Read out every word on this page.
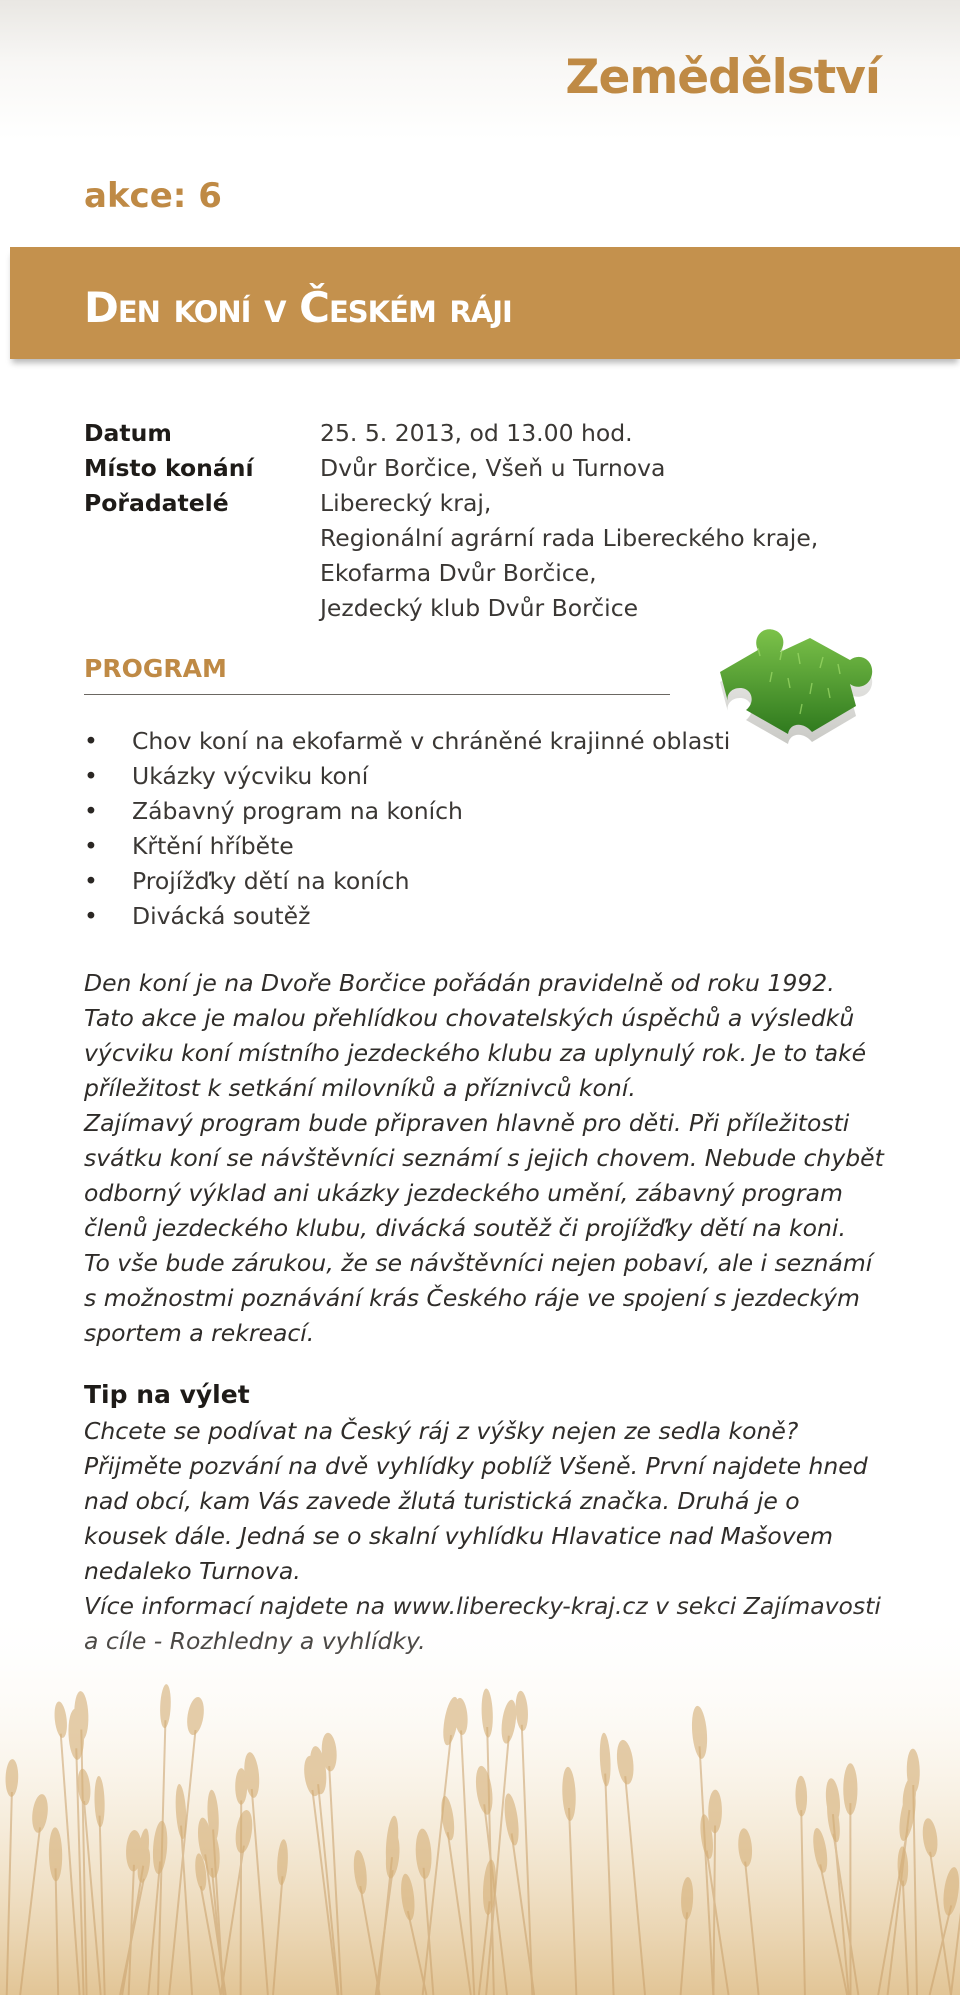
Zemědělství
akce: 6
Den koní v Českém ráji
Datum	25. 5. 2013, od 13.00 hod.
Místo konání	Dvůr Borčice, Všeň u Turnova
Pořadatelé	Liberecký kraj,
Regionální agrární rada Libereckého kraje,
Ekofarma Dvůr Borčice,
Jezdecký klub Dvůr Borčice
PROGRAM
• Chov koní na ekofarmě v chráněné krajinné oblasti
• Ukázky výcviku koní
• Zábavný program na koních
• Křtění hříběte
• Projížďky dětí na koních
• Divácká soutěž

Den koní je na Dvoře Borčice pořádán pravidelně od roku 1992. Tato akce je malou přehlídkou chovatelských úspěchů a výsledků výcviku koní místního jezdeckého klubu za uplynulý rok. Je to také příležitost k setkání milovníků a příznivců koní.

Zajímavý program bude připraven hlavně pro děti. Při příležitosti svátku koní se návštěvníci seznámí s jejich chovem. Nebude chybět odborný výklad ani ukázky jezdeckého umění, zábavný program členů jezdeckého klubu, divácká soutěž či projížďky dětí na koni.

To vše bude zárukou, že se návštěvníci nejen pobaví, ale i seznámí s možnostmi poznávání krás Českého ráje ve spojení s jezdeckým sportem a rekreací.

Tip na výlet

Chcete se podívat na Český ráj z výšky nejen ze sedla koně? Přijměte pozvání na dvě vyhlídky poblíž Všeně. První najdete hned nad obcí, kam Vás zavede žlutá turistická značka. Druhá je o kousek dále. Jedná se o skalní vyhlídku Hlavatice nad Mašovem nedaleko Turnova.
